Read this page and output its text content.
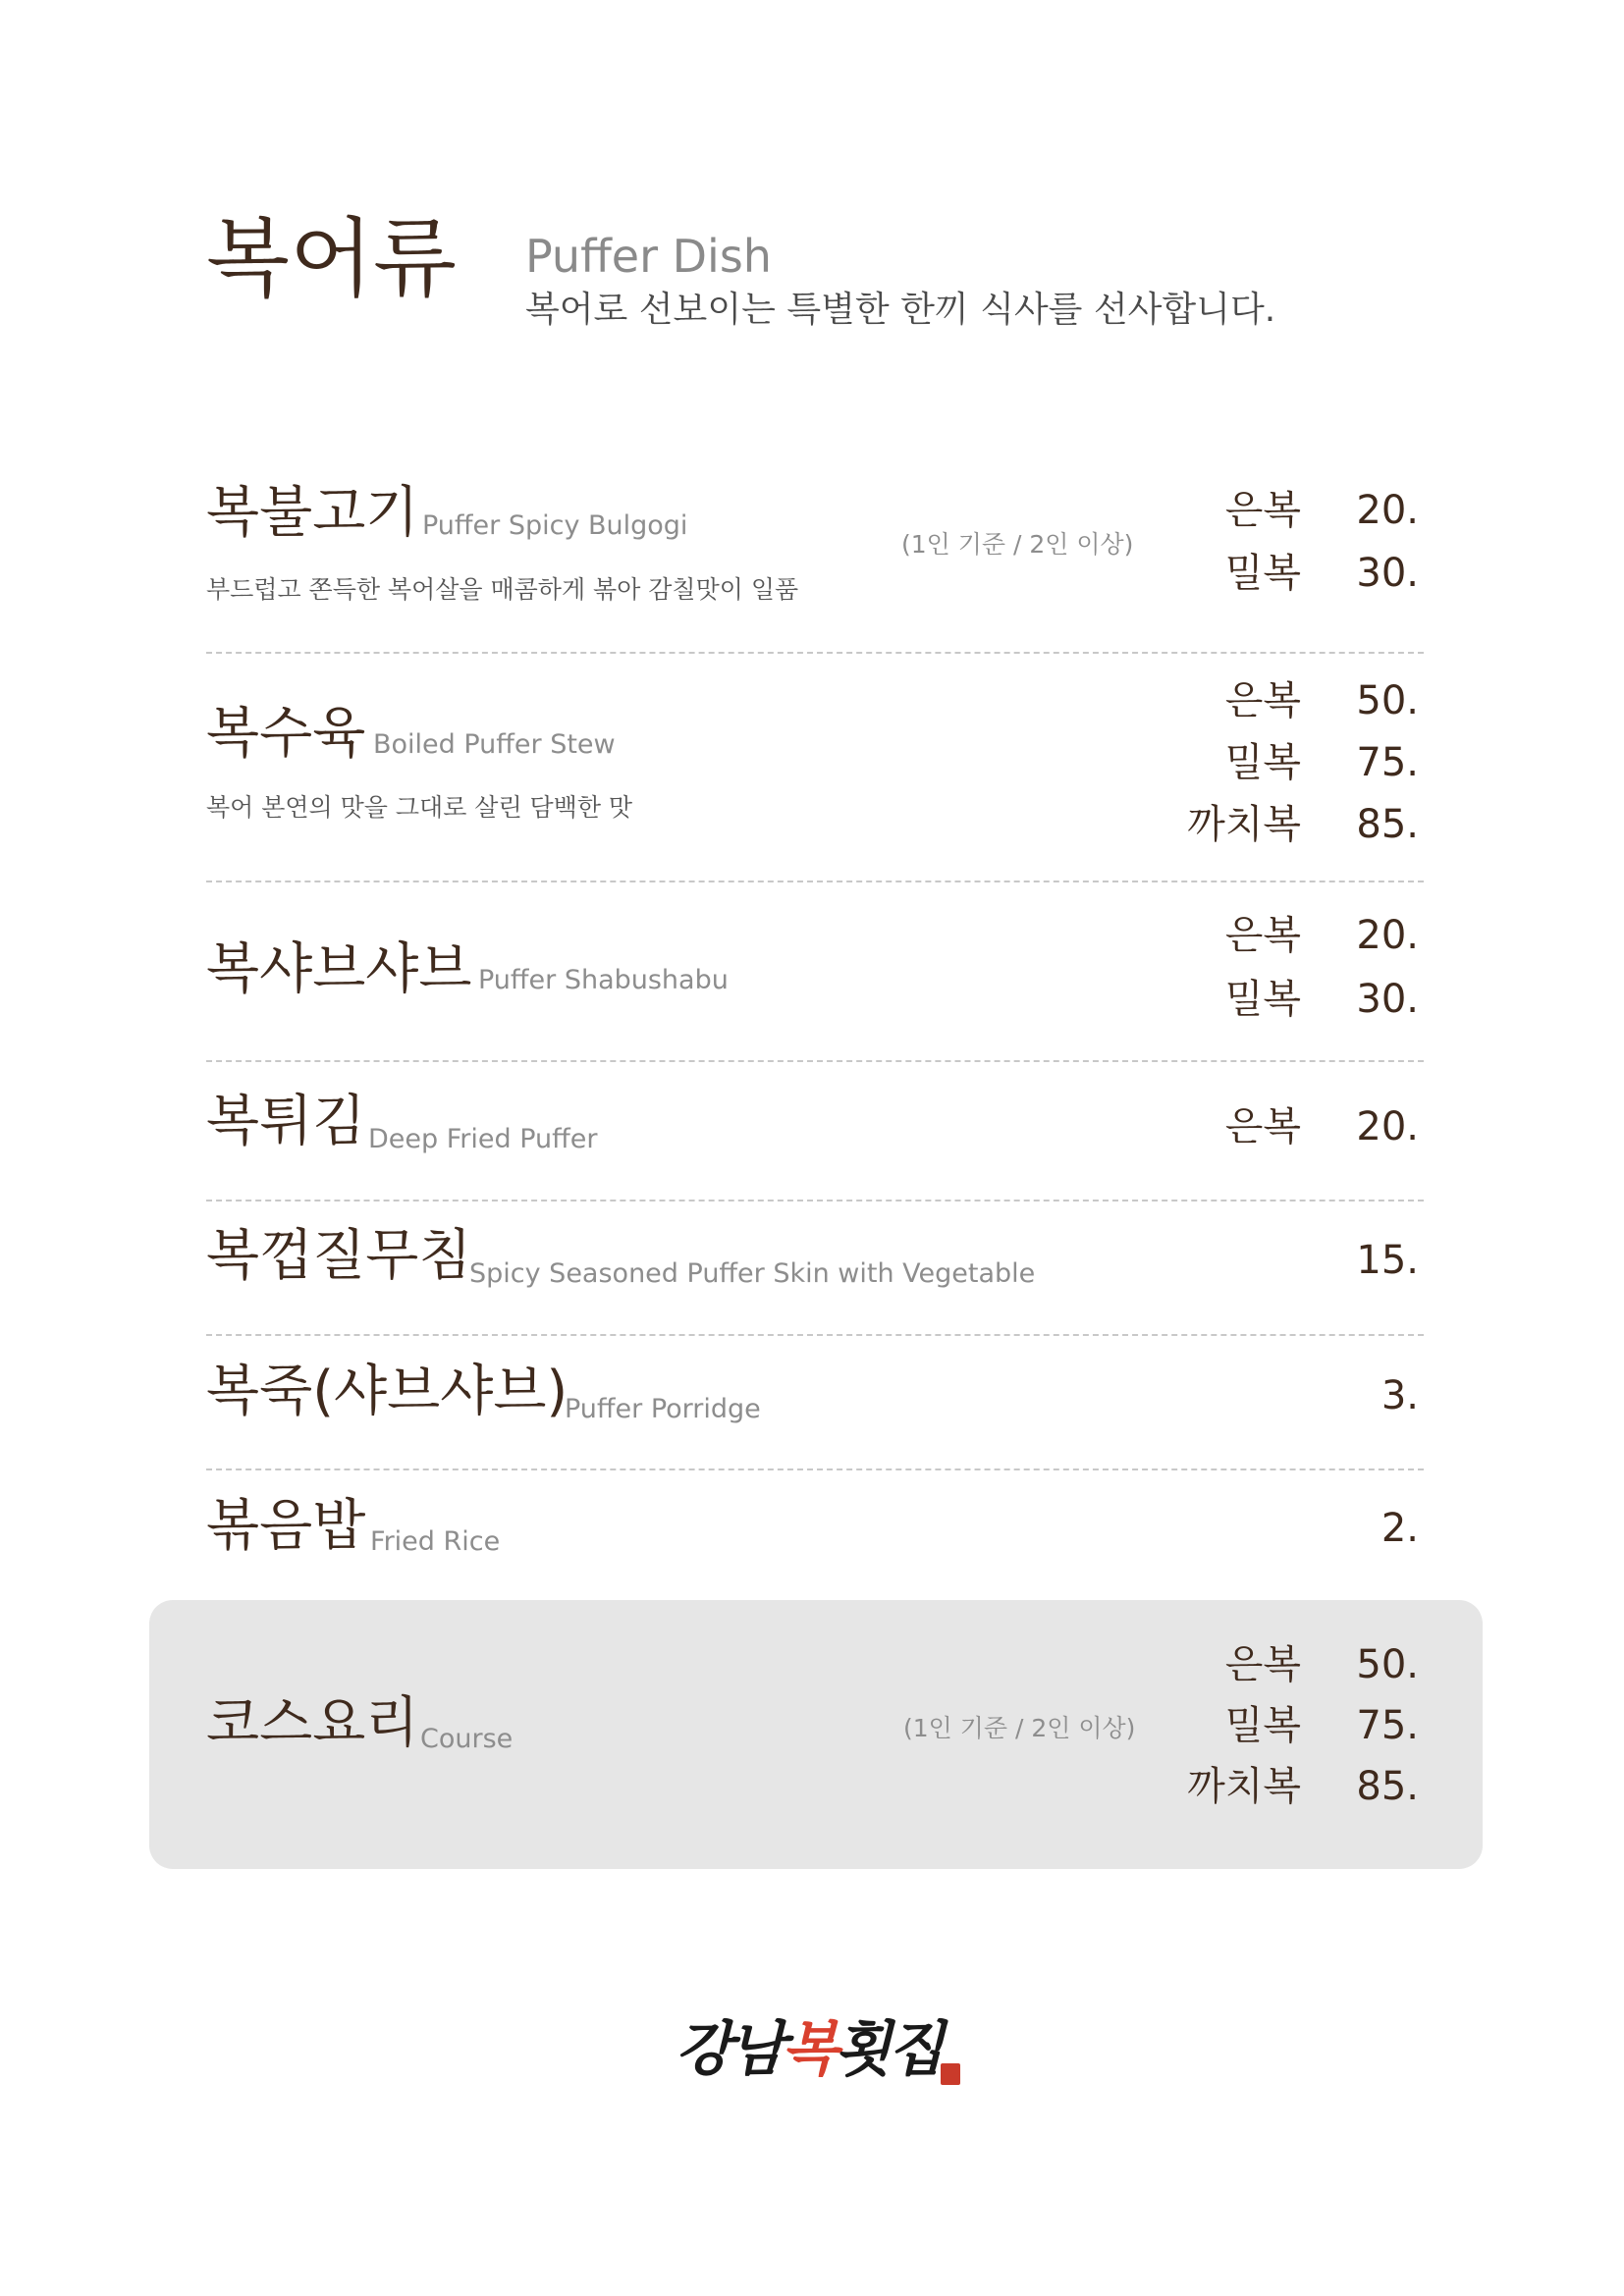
복어류 Puffer Dish
복어로 선보이는 특별한 한끼 식사를 선사합니다.
복불고기 Puffer Spicy Bulgogi
(1인 기준 / 2인 이상)
부드럽고 쫀득한 복어살을 매콤하게 볶아 감칠맛이 일품
은복 20.
밀복 30.
복수육 Boiled Puffer Stew
복어 본연의 맛을 그대로 살린 담백한 맛
은복 50.
밀복 75.
까치복 85.
복샤브샤브 Puffer Shabushabu
은복 20.
밀복 30.
복튀김 Deep Fried Puffer	은복 20.
복껍질무침
Spicy Seasoned Puffer Skin with Vegetable	15.
복죽(샤브샤브)
Puffer Porridge	3.
볶음밥 Fried Rice	2.
코스요리 Course	(1인 기준 / 2인 이상)
은복 50.
밀복 75.
까치복 85.
강남복횟집
